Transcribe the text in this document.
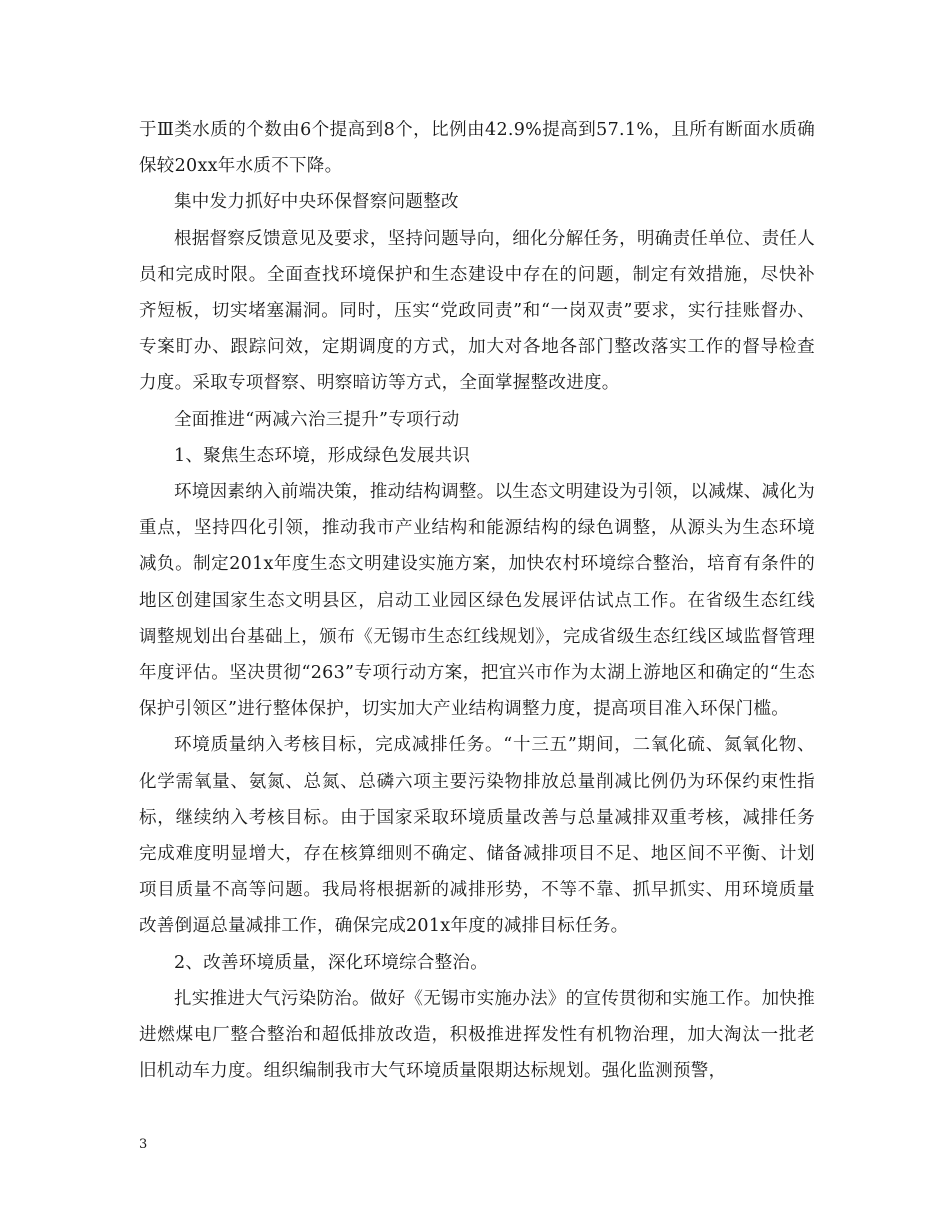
于Ⅲ类水质的个数由6个提高到8个，比例由42.9%提高到57.1%，且所有断面水质确保较20xx年水质不下降。

集中发力抓好中央环保督察问题整改

根据督察反馈意见及要求，坚持问题导向，细化分解任务，明确责任单位、责任人员和完成时限。全面查找环境保护和生态建设中存在的问题，制定有效措施，尽快补齐短板，切实堵塞漏洞。同时，压实“党政同责”和“一岗双责”要求，实行挂账督办、专案盯办、跟踪问效，定期调度的方式，加大对各地各部门整改落实工作的督导检查力度。采取专项督察、明察暗访等方式，全面掌握整改进度。

全面推进“两减六治三提升”专项行动

1、聚焦生态环境，形成绿色发展共识

环境因素纳入前端决策，推动结构调整。以生态文明建设为引领，以减煤、减化为重点，坚持四化引领，推动我市产业结构和能源结构的绿色调整，从源头为生态环境减负。制定201x年度生态文明建设实施方案，加快农村环境综合整治，培育有条件的地区创建国家生态文明县区，启动工业园区绿色发展评估试点工作。在省级生态红线调整规划出台基础上，颁布《无锡市生态红线规划》，完成省级生态红线区域监督管理年度评估。坚决贯彻“263”专项行动方案，把宜兴市作为太湖上游地区和确定的“生态保护引领区”进行整体保护，切实加大产业结构调整力度，提高项目准入环保门槛。

环境质量纳入考核目标，完成减排任务。“十三五”期间，二氧化硫、氮氧化物、化学需氧量、氨氮、总氮、总磷六项主要污染物排放总量削减比例仍为环保约束性指标，继续纳入考核目标。由于国家采取环境质量改善与总量减排双重考核，减排任务完成难度明显增大，存在核算细则不确定、储备减排项目不足、地区间不平衡、计划项目质量不高等问题。我局将根据新的减排形势，不等不靠、抓早抓实、用环境质量改善倒逼总量减排工作，确保完成201x年度的减排目标任务。

2、改善环境质量，深化环境综合整治。

扎实推进大气污染防治。做好《无锡市实施办法》的宣传贯彻和实施工作。加快推进燃煤电厂整合整治和超低排放改造，积极推进挥发性有机物治理，加大淘汰一批老旧机动车力度。组织编制我市大气环境质量限期达标规划。强化监测预警，

3
